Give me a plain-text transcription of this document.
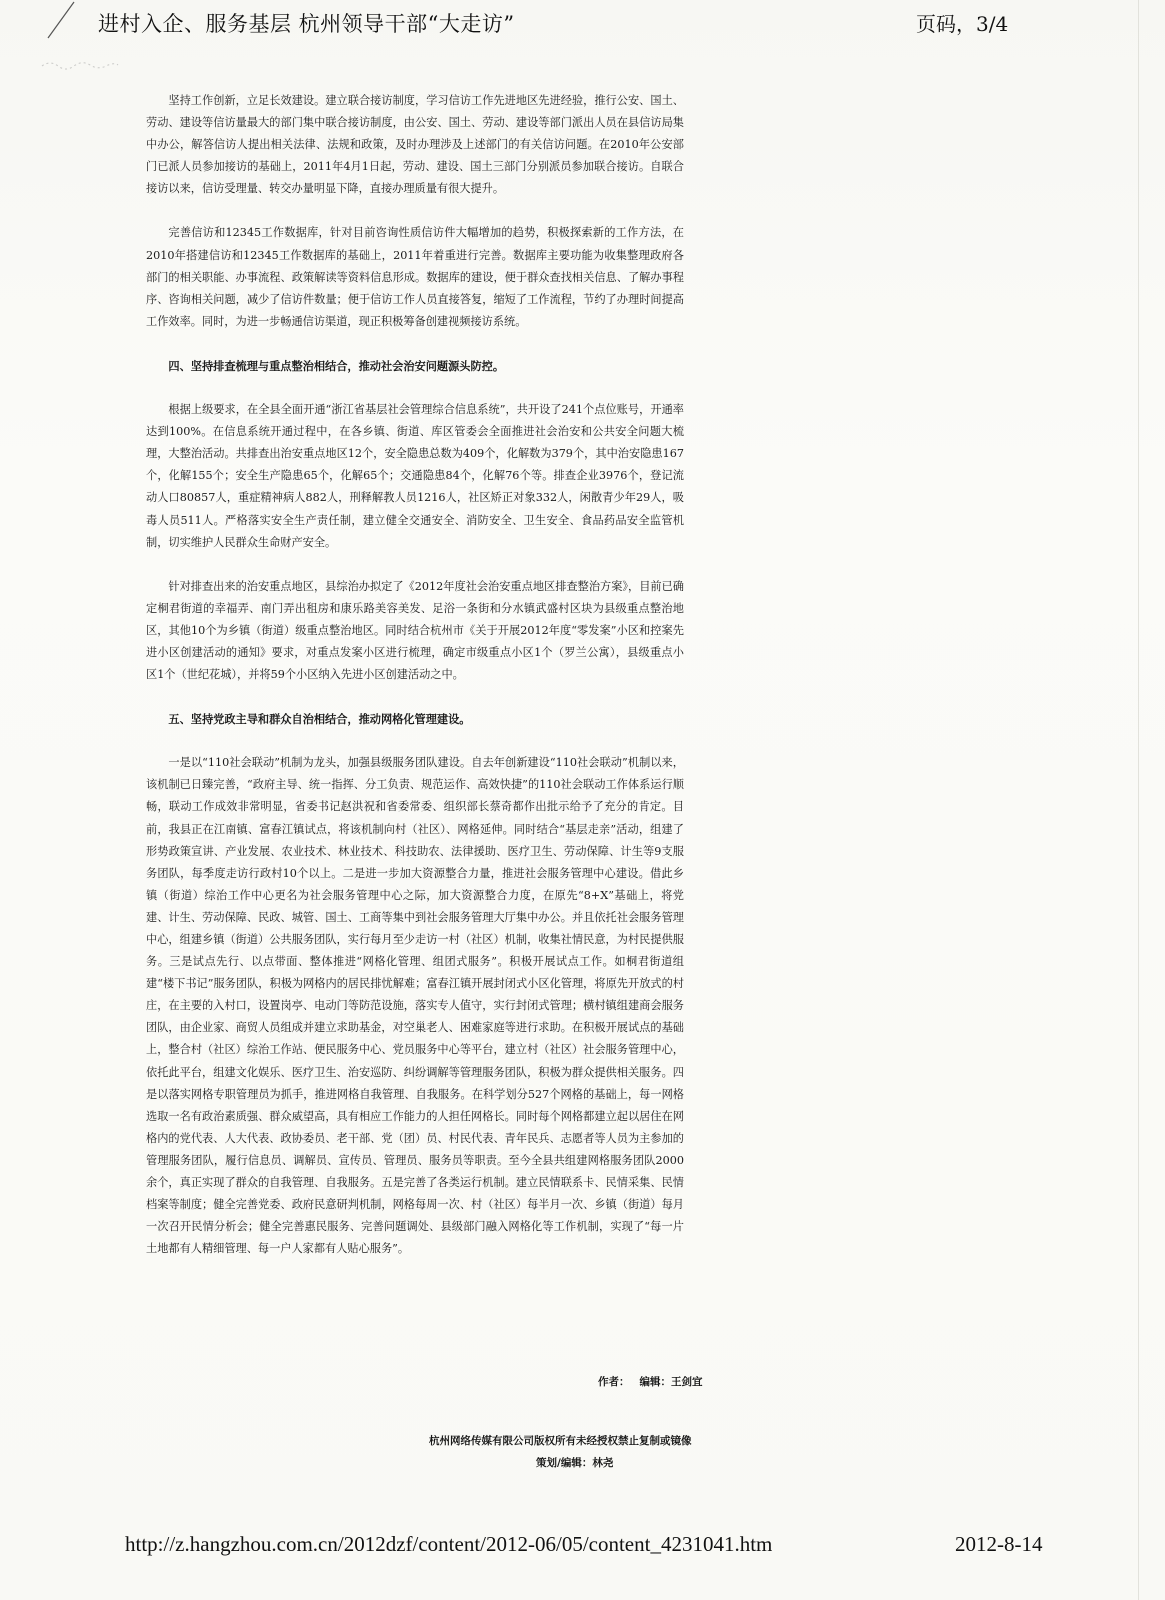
进村入企、服务基层 杭州领导干部“大走访”	页码，3/4

坚持工作创新，立足长效建设。建立联合接访制度，学习信访工作先进地区先进经验，推行公安、国土、劳动、建设等信访量最大的部门集中联合接访制度，由公安、国土、劳动、建设等部门派出人员在县信访局集中办公，解答信访人提出相关法律、法规和政策，及时办理涉及上述部门的有关信访问题。在2010年公安部门已派人员参加接访的基础上，2011年4月1日起，劳动、建设、国土三部门分别派员参加联合接访。自联合接访以来，信访受理量、转交办量明显下降，直接办理质量有很大提升。

完善信访和12345工作数据库，针对目前咨询性质信访件大幅增加的趋势，积极探索新的工作方法，在2010年搭建信访和12345工作数据库的基础上，2011年着重进行完善。数据库主要功能为收集整理政府各部门的相关职能、办事流程、政策解读等资料信息形成。数据库的建设，便于群众查找相关信息、了解办事程序、咨询相关问题，减少了信访件数量；便于信访工作人员直接答复，缩短了工作流程，节约了办理时间提高工作效率。同时，为进一步畅通信访渠道，现正积极筹备创建视频接访系统。

四、坚持排查梳理与重点整治相结合，推动社会治安问题源头防控。

根据上级要求，在全县全面开通“浙江省基层社会管理综合信息系统”，共开设了241个点位账号，开通率达到100%。在信息系统开通过程中，在各乡镇、街道、库区管委会全面推进社会治安和公共安全问题大梳理，大整治活动。共排查出治安重点地区12个，安全隐患总数为409个，化解数为379个，其中治安隐患167个，化解155个；安全生产隐患65个，化解65个；交通隐患84个，化解76个等。排查企业3976个，登记流动人口80857人，重症精神病人882人，刑释解教人员1216人，社区矫正对象332人，闲散青少年29人，吸毒人员511人。严格落实安全生产责任制，建立健全交通安全、消防安全、卫生安全、食品药品安全监管机制，切实维护人民群众生命财产安全。

针对排查出来的治安重点地区，县综治办拟定了《2012年度社会治安重点地区排查整治方案》，目前已确定桐君街道的幸福弄、南门弄出租房和康乐路美容美发、足浴一条街和分水镇武盛村区块为县级重点整治地区，其他10个为乡镇（街道）级重点整治地区。同时结合杭州市《关于开展2012年度“零发案”小区和控案先进小区创建活动的通知》要求，对重点发案小区进行梳理，确定市级重点小区1个（罗兰公寓），县级重点小区1个（世纪花城），并将59个小区纳入先进小区创建活动之中。

五、坚持党政主导和群众自治相结合，推动网格化管理建设。

一是以“110社会联动”机制为龙头，加强县级服务团队建设。自去年创新建设“110社会联动”机制以来，该机制已日臻完善，“政府主导、统一指挥、分工负责、规范运作、高效快捷”的110社会联动工作体系运行顺畅，联动工作成效非常明显，省委书记赵洪祝和省委常委、组织部长蔡奇都作出批示给予了充分的肯定。目前，我县正在江南镇、富春江镇试点，将该机制向村（社区）、网格延伸。同时结合“基层走亲”活动，组建了形势政策宣讲、产业发展、农业技术、林业技术、科技助农、法律援助、医疗卫生、劳动保障、计生等9支服务团队，每季度走访行政村10个以上。二是进一步加大资源整合力量，推进社会服务管理中心建设。借此乡镇（街道）综治工作中心更名为社会服务管理中心之际，加大资源整合力度，在原先“8+X”基础上，将党建、计生、劳动保障、民政、城管、国土、工商等集中到社会服务管理大厅集中办公。并且依托社会服务管理中心，组建乡镇（街道）公共服务团队，实行每月至少走访一村（社区）机制，收集社情民意，为村民提供服务。三是试点先行、以点带面、整体推进“网格化管理、组团式服务”。积极开展试点工作。如桐君街道组建“楼下书记”服务团队，积极为网格内的居民排忧解难；富春江镇开展封闭式小区化管理，将原先开放式的村庄，在主要的入村口，设置岗亭、电动门等防范设施，落实专人值守，实行封闭式管理；横村镇组建商会服务团队，由企业家、商贸人员组成并建立求助基金，对空巢老人、困难家庭等进行求助。在积极开展试点的基础上，整合村（社区）综治工作站、便民服务中心、党员服务中心等平台，建立村（社区）社会服务管理中心，依托此平台，组建文化娱乐、医疗卫生、治安巡防、纠纷调解等管理服务团队，积极为群众提供相关服务。四是以落实网格专职管理员为抓手，推进网格自我管理、自我服务。在科学划分527个网格的基础上，每一网格选取一名有政治素质强、群众威望高，具有相应工作能力的人担任网格长。同时每个网格都建立起以居住在网格内的党代表、人大代表、政协委员、老干部、党（团）员、村民代表、青年民兵、志愿者等人员为主参加的管理服务团队，履行信息员、调解员、宣传员、管理员、服务员等职责。至今全县共组建网格服务团队2000余个，真正实现了群众的自我管理、自我服务。五是完善了各类运行机制。建立民情联系卡、民情采集、民情档案等制度；健全完善党委、政府民意研判机制，网格每周一次、村（社区）每半月一次、乡镇（街道）每月一次召开民情分析会；健全完善惠民服务、完善问题调处、县级部门融入网格化等工作机制，实现了“每一片土地都有人精细管理、每一户人家都有人贴心服务”。

作者： 编辑：王剑宜
杭州网络传媒有限公司版权所有未经授权禁止复制或镜像
策划/编辑：林尧
http://z.hangzhou.com.cn/2012dzf/content/2012-06/05/content_4231041.htm	2012-8-14
